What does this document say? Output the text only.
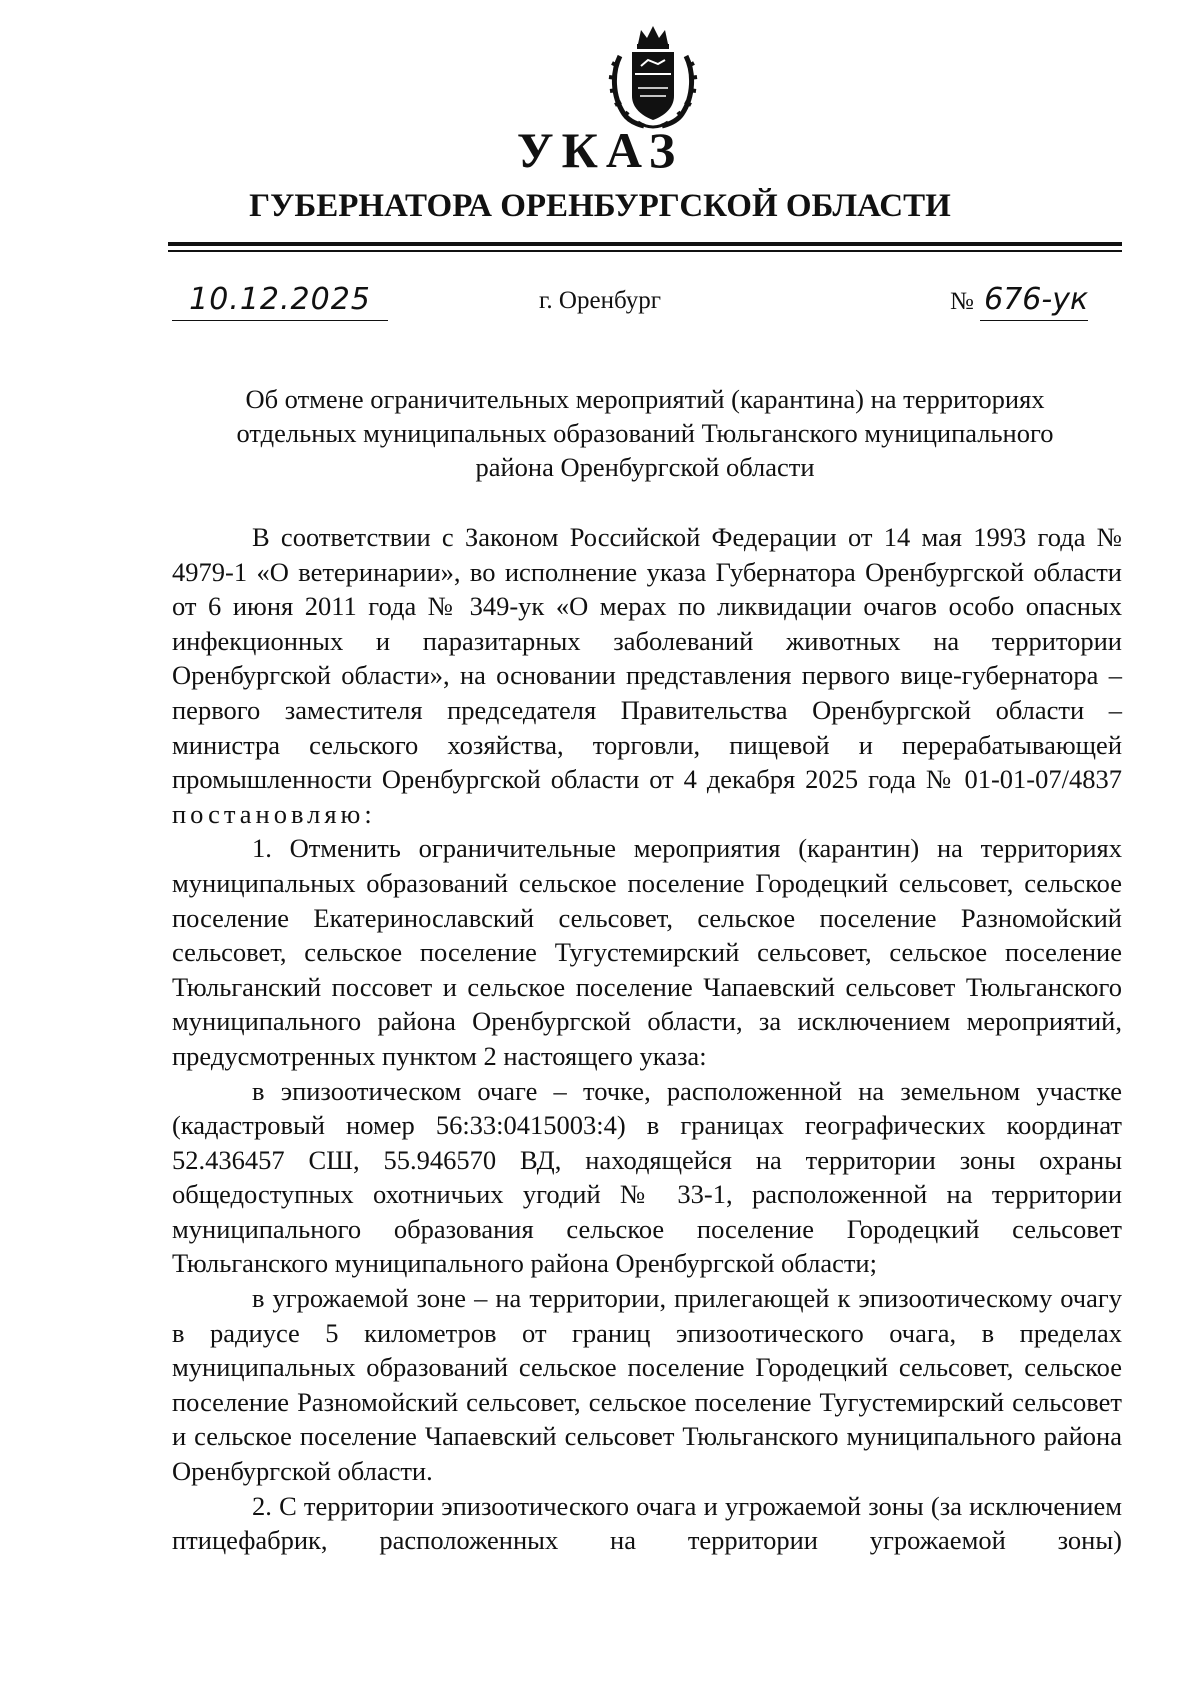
УКАЗ
ГУБЕРНАТОРА ОРЕНБУРГСКОЙ ОБЛАСТИ
10.12.2025	г. Оренбург	№ 676-ук

Об отмене ограничительных мероприятий (карантина) на территориях

отдельных муниципальных образований Тюльганского муниципального

района Оренбургской области

В соответствии с Законом Российской Федерации от 14 мая 1993 года № 4979-1 «О ветеринарии», во исполнение указа Губернатора Оренбургской области от 6 июня 2011 года № 349-ук «О мерах по ликвидации очагов особо опасных инфекционных и паразитарных заболеваний животных на территории Оренбургской области», на основании представления первого вице-губернатора – первого заместителя председателя Правительства Оренбургской области – министра сельского хозяйства, торговли, пищевой и перерабатывающей промышленности Оренбургской области от 4 декабря 2025 года № 01-01-07/4837 постановляю:

1. Отменить ограничительные мероприятия (карантин) на территориях муниципальных образований сельское поселение Городецкий сельсовет, сельское поселение Екатеринославский сельсовет, сельское поселение Разномойский сельсовет, сельское поселение Тугустемирский сельсовет, сельское поселение Тюльганский поссовет и сельское поселение Чапаевский сельсовет Тюльганского муниципального района Оренбургской области, за исключением мероприятий, предусмотренных пунктом 2 настоящего указа:

в эпизоотическом очаге – точке, расположенной на земельном участке (кадастровый номер 56:33:0415003:4) в границах географических координат 52.436457 СШ, 55.946570 ВД, находящейся на территории зоны охраны общедоступных охотничьих угодий № 33-1, расположенной на территории муниципального образования сельское поселение Городецкий сельсовет Тюльганского муниципального района Оренбургской области;

в угрожаемой зоне – на территории, прилегающей к эпизоотическому очагу в радиусе 5 километров от границ эпизоотического очага, в пределах муниципальных образований сельское поселение Городецкий сельсовет, сельское поселение Разномойский сельсовет, сельское поселение Тугустемирский сельсовет и сельское поселение Чапаевский сельсовет Тюльганского муниципального района Оренбургской области.

2. С территории эпизоотического очага и угрожаемой зоны (за исключением птицефабрик, расположенных на территории угрожаемой зоны)
